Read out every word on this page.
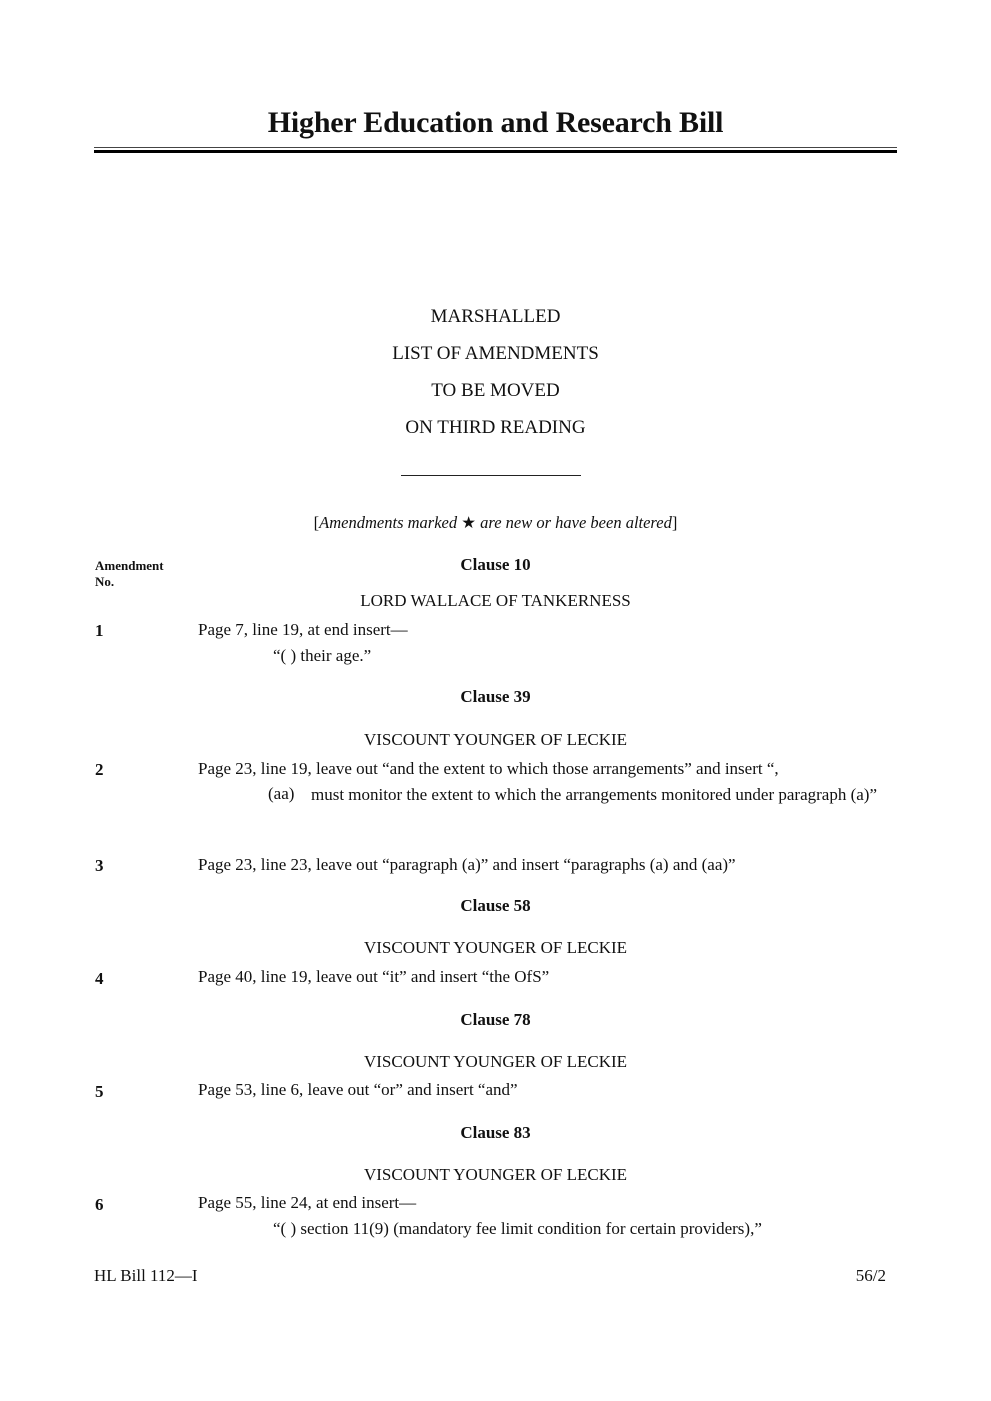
Higher Education and Research Bill
MARSHALLED
LIST OF AMENDMENTS
TO BE MOVED
ON THIRD READING
[Amendments marked ★ are new or have been altered]
Amendment
No.
Clause 10
LORD WALLACE OF TANKERNESS
1	Page 7, line 19, at end insert—
“( ) their age.”
Clause 39
VISCOUNT YOUNGER OF LECKIE
2	Page 23, line 19, leave out “and the extent to which those arrangements” and insert “,
(aa) must monitor the extent to which the arrangements monitored under paragraph (a)”
3	Page 23, line 23, leave out “paragraph (a)” and insert “paragraphs (a) and (aa)”
Clause 58
VISCOUNT YOUNGER OF LECKIE
4	Page 40, line 19, leave out “it” and insert “the OfS”
Clause 78
VISCOUNT YOUNGER OF LECKIE
5	Page 53, line 6, leave out “or” and insert “and”
Clause 83
VISCOUNT YOUNGER OF LECKIE
6	Page 55, line 24, at end insert—
“( ) section 11(9) (mandatory fee limit condition for certain providers),”
HL Bill 112—I	56/2
